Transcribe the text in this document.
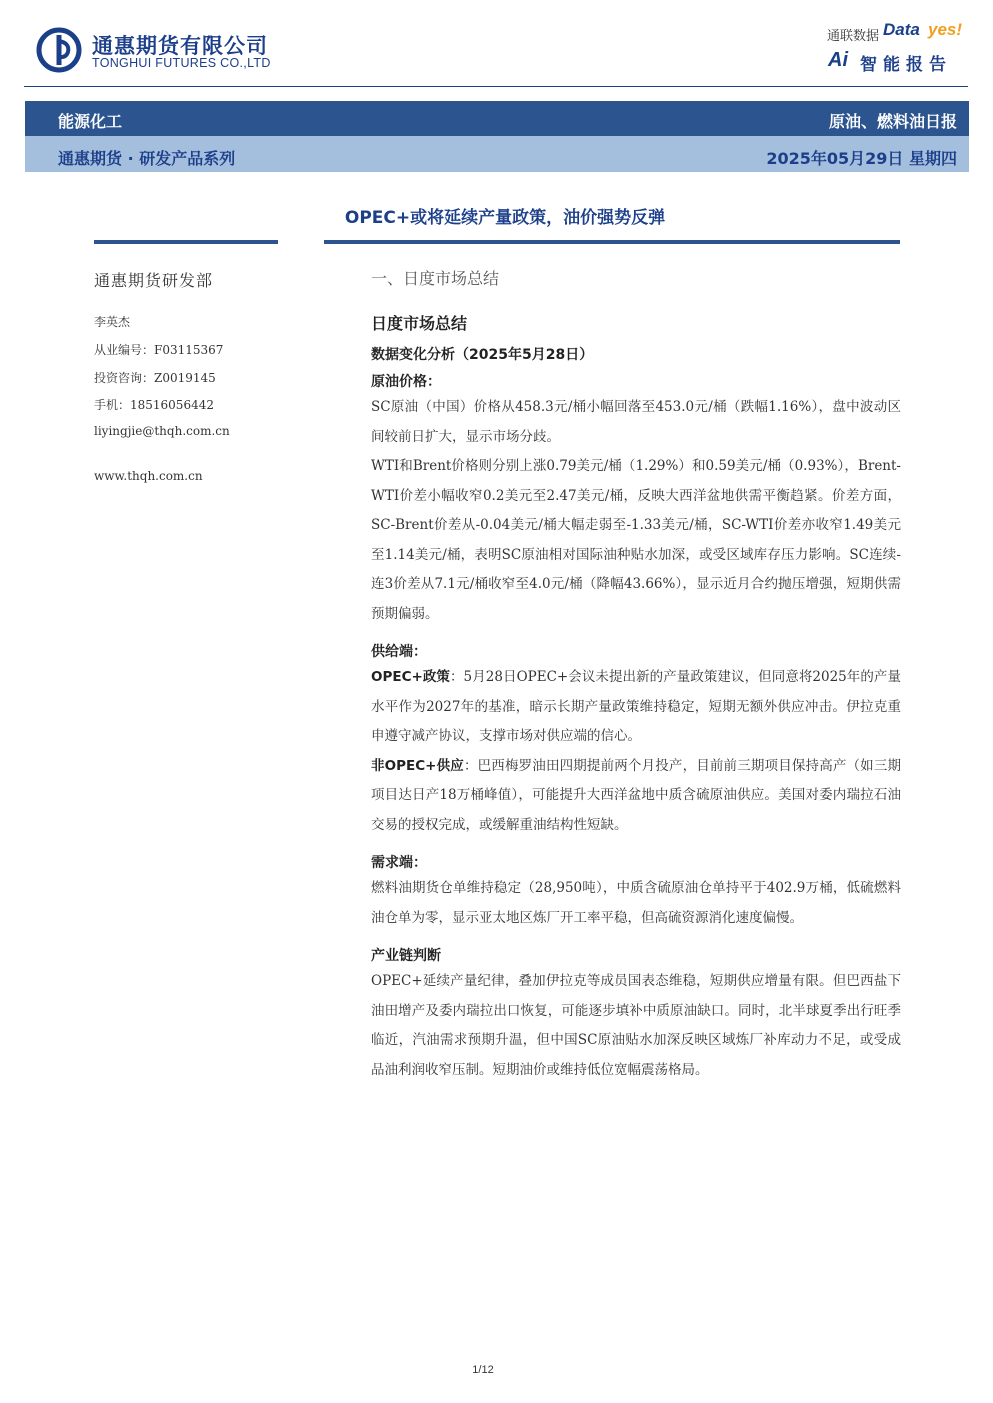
通惠期货有限公司
TONGHUI FUTURES CO.,LTD
通联数据 Data yes!
Ai 智能报告
能源化工	原油、燃料油日报
通惠期货 · 研发产品系列	2025年05月29日 星期四
OPEC+或将延续产量政策，油价强势反弹
通惠期货研发部
李英杰
从业编号：F03115367
投资咨询：Z0019145
手机：18516056442
liyingjie@thqh.com.cn
www.thqh.com.cn

一、日度市场总结

日度市场总结

数据变化分析（2025年5月28日）

原油价格：

SC原油（中国）价格从458.3元/桶小幅回落至453.0元/桶（跌幅1.16%），盘中波动区间较前日扩大，显示市场分歧。

WTI和Brent价格则分别上涨0.79美元/桶（1.29%）和0.59美元/桶（0.93%），Brent-WTI价差小幅收窄0.2美元至2.47美元/桶，反映大西洋盆地供需平衡趋紧。价差方面，SC-Brent价差从-0.04美元/桶大幅走弱至-1.33美元/桶，SC-WTI价差亦收窄1.49美元至1.14美元/桶，表明SC原油相对国际油种贴水加深，或受区域库存压力影响。SC连续-连3价差从7.1元/桶收窄至4.0元/桶（降幅43.66%），显示近月合约抛压增强，短期供需预期偏弱。

供给端：

OPEC+政策：5月28日OPEC+会议未提出新的产量政策建议，但同意将2025年的产量水平作为2027年的基准，暗示长期产量政策维持稳定，短期无额外供应冲击。伊拉克重申遵守减产协议，支撑市场对供应端的信心。

非OPEC+供应：巴西梅罗油田四期提前两个月投产，目前前三期项目保持高产（如三期项目达日产18万桶峰值），可能提升大西洋盆地中质含硫原油供应。美国对委内瑞拉石油交易的授权完成，或缓解重油结构性短缺。

需求端：

燃料油期货仓单维持稳定（28,950吨），中质含硫原油仓单持平于402.9万桶，低硫燃料油仓单为零，显示亚太地区炼厂开工率平稳，但高硫资源消化速度偏慢。

产业链判断

OPEC+延续产量纪律，叠加伊拉克等成员国表态维稳，短期供应增量有限。但巴西盐下油田增产及委内瑞拉出口恢复，可能逐步填补中质原油缺口。同时，北半球夏季出行旺季临近，汽油需求预期升温，但中国SC原油贴水加深反映区域炼厂补库动力不足，或受成品油利润收窄压制。短期油价或维持低位宽幅震荡格局。

1/12
